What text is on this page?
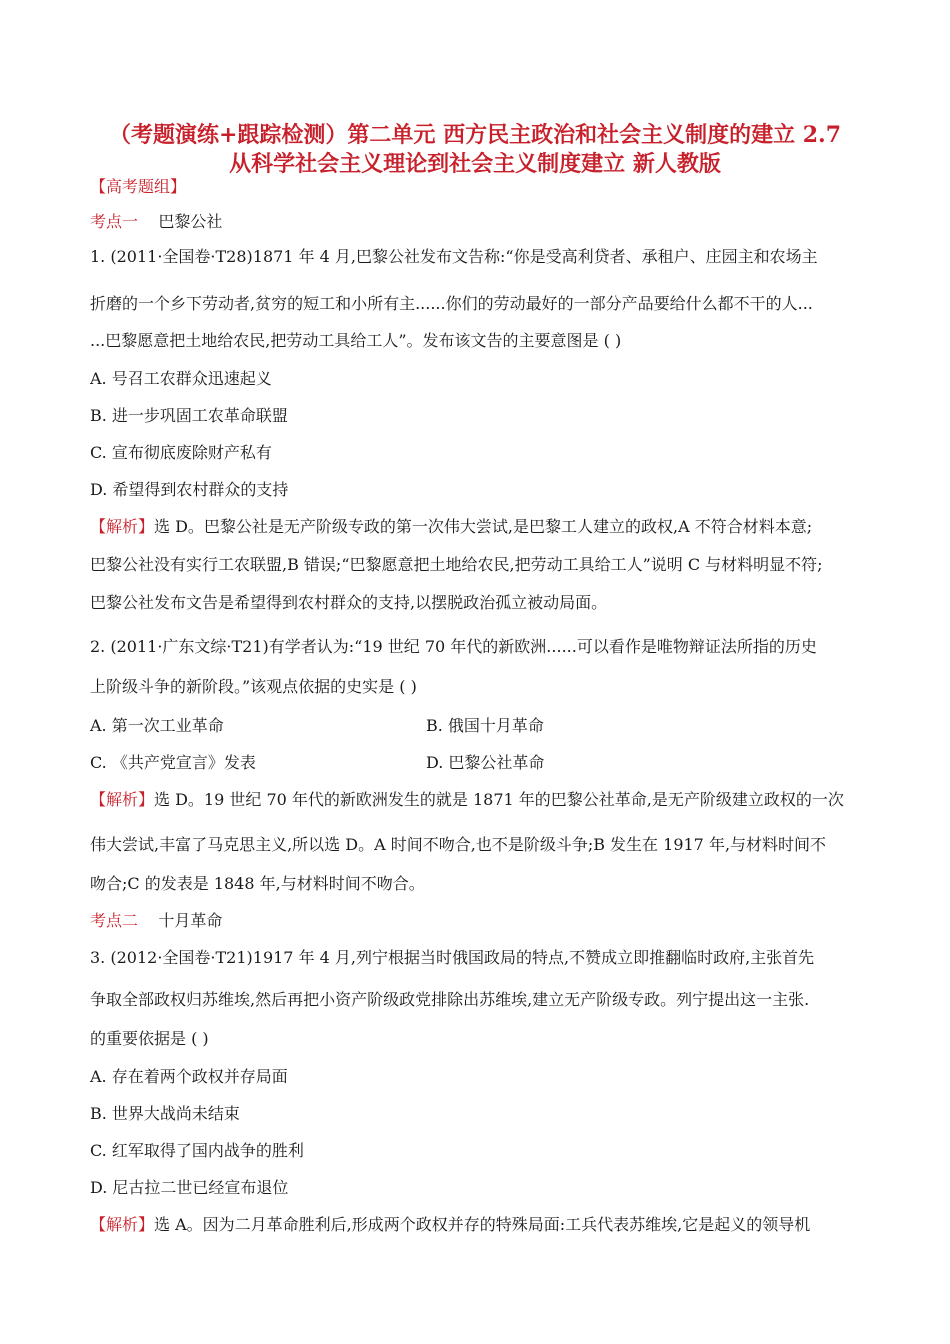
（考题演练+跟踪检测）第二单元 西方民主政治和社会主义制度的建立 2.7
从科学社会主义理论到社会主义制度建立 新人教版
【高考题组】
考点一 巴黎公社
1. (2011·全国卷·T28)1871 年 4 月,巴黎公社发布文告称:“你是受高利贷者、承租户、庄园主和农场主
折磨的一个乡下劳动者,贫穷的短工和小所有主......你们的劳动最好的一部分产品要给什么都不干的人...
...巴黎愿意把土地给农民,把劳动工具给工人”。发布该文告的主要意图是 ( )
A. 号召工农群众迅速起义
B. 进一步巩固工农革命联盟
C. 宣布彻底废除财产私有
D. 希望得到农村群众的支持
【解析】选 D。巴黎公社是无产阶级专政的第一次伟大尝试,是巴黎工人建立的政权,A 不符合材料本意;
巴黎公社没有实行工农联盟,B 错误;“巴黎愿意把土地给农民,把劳动工具给工人”说明 C 与材料明显不符;
巴黎公社发布文告是希望得到农村群众的支持,以摆脱政治孤立被动局面。
2. (2011·广东文综·T21)有学者认为:“19 世纪 70 年代的新欧洲......可以看作是唯物辩证法所指的历史
上阶级斗争的新阶段。”该观点依据的史实是 ( )
A. 第一次工业革命	B. 俄国十月革命
C. 《共产党宣言》发表	D. 巴黎公社革命
【解析】选 D。19 世纪 70 年代的新欧洲发生的就是 1871 年的巴黎公社革命,是无产阶级建立政权的一次
伟大尝试,丰富了马克思主义,所以选 D。A 时间不吻合,也不是阶级斗争;B 发生在 1917 年,与材料时间不
吻合;C 的发表是 1848 年,与材料时间不吻合。
考点二 十月革命
3. (2012·全国卷·T21)1917 年 4 月,列宁根据当时俄国政局的特点,不赞成立即推翻临时政府,主张首先
争取全部政权归苏维埃,然后再把小资产阶级政党排除出苏维埃,建立无产阶级专政。列宁提出这一主张.
的重要依据是 ( )
A. 存在着两个政权并存局面
B. 世界大战尚未结束
C. 红军取得了国内战争的胜利
D. 尼古拉二世已经宣布退位
【解析】选 A。因为二月革命胜利后,形成两个政权并存的特殊局面:工兵代表苏维埃,它是起义的领导机
